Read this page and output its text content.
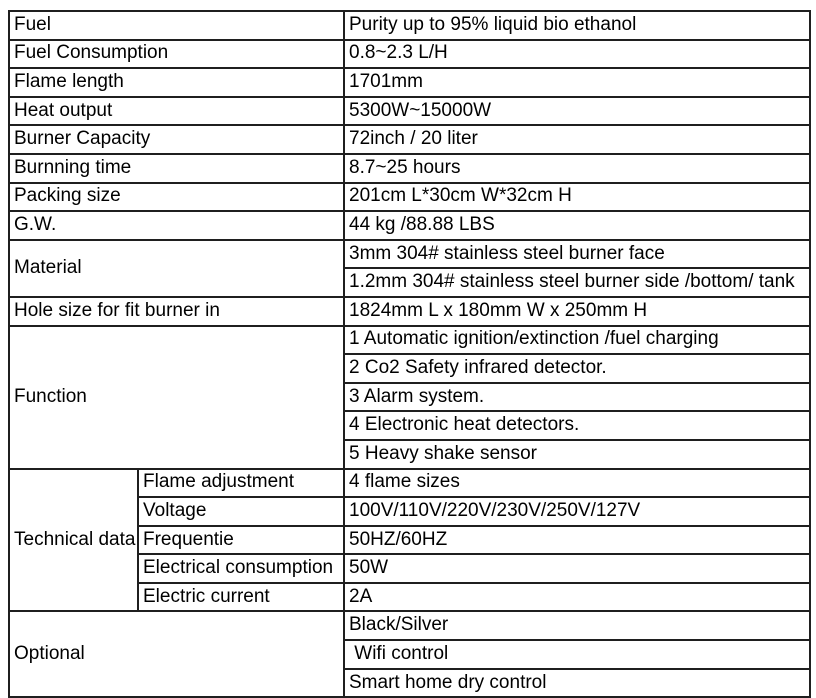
Fuel		Purity up to 95% liquid bio ethanol
Fuel Consumption		0.8~2.3 L/H
Flame length		1701mm
Heat output		5300W~15000W
Burner Capacity		72inch / 20 liter
Burnning time		8.7~25 hours
Packing size		201cm L*30cm W*32cm H
G.W.		44 kg /88.88 LBS
Material		3mm 304# stainless steel burner face
		1.2mm 304# stainless steel burner side /bottom/ tank
Hole size for fit burner in		1824mm L x 180mm W x 250mm H
Function		1 Automatic ignition/extinction /fuel charging
		2 Co2 Safety infrared detector.
		3 Alarm system.
		4 Electronic heat detectors.
		5 Heavy shake sensor
Technical data	Flame adjustment	4 flame sizes
	Voltage	100V/110V/220V/230V/250V/127V
	Frequentie	50HZ/60HZ
	Electrical consumption	50W
	Electric current	2A
Optional		Black/Silver
		Wifi control
		Smart home dry control
